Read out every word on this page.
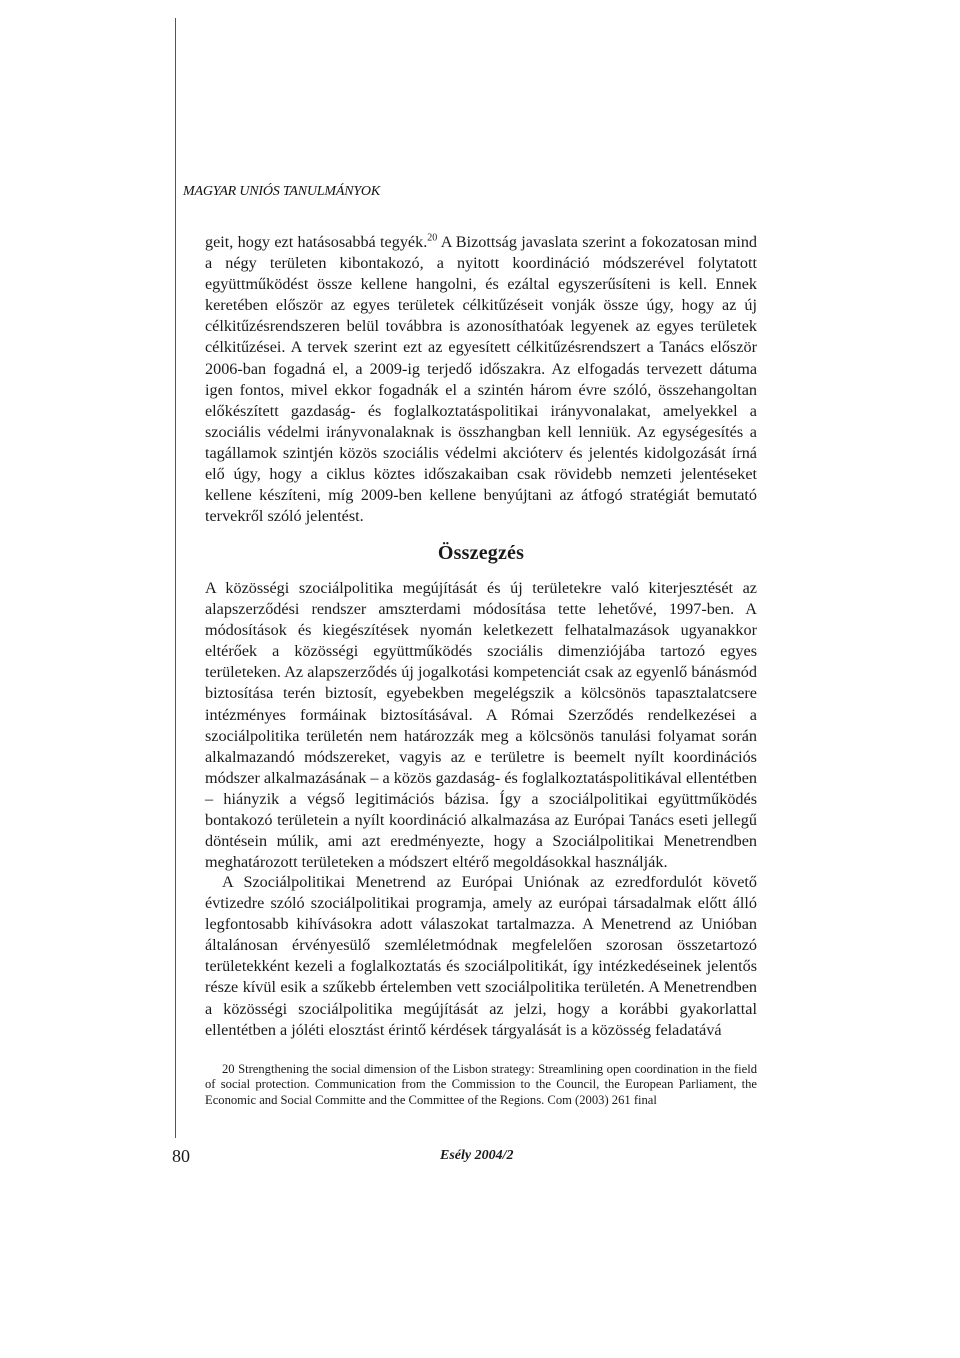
MAGYAR UNIÓS TANULMÁNYOK

geit, hogy ezt hatásosabbá tegyék.$^{20}$ A Bizottság javaslata szerint a fokozatosan mind a négy területen kibontakozó, a nyitott koordináció módszerével folytatott együttműködést össze kellene hangolni, és ezáltal egyszerűsíteni is kell. Ennek keretében először az egyes területek célkitűzéseit vonják össze úgy, hogy az új célkitűzésrendszeren belül továbbra is azonosíthatóak legyenek az egyes területek célkitűzései. A tervek szerint ezt az egyesített célkitűzésrendszert a Tanács először 2006-ban fogadná el, a 2009-ig terjedő időszakra. Az elfogadás tervezett dátuma igen fontos, mivel ekkor fogadnák el a szintén három évre szóló, összehangoltan előkészített gazdaság- és foglalkoztatáspolitikai irányvonalakat, amelyekkel a szociális védelmi irányvonalaknak is összhangban kell lenniük. Az egységesítés a tagállamok szintjén közös szociális védelmi akcióterv és jelentés kidolgozását írná elő úgy, hogy a ciklus köztes időszakaiban csak rövidebb nemzeti jelentéseket kellene készíteni, míg 2009-ben kellene benyújtani az átfogó stratégiát bemutató tervekről szóló jelentést.

Összegzés

A közösségi szociálpolitika megújítását és új területekre való kiterjesztését az alapszerződési rendszer amszterdami módosítása tette lehetővé, 1997-ben. A módosítások és kiegészítések nyomán keletkezett felhatalmazások ugyanakkor eltérőek a közösségi együttműködés szociális dimenziójába tartozó egyes területeken. Az alapszerződés új jogalkotási kompetenciát csak az egyenlő bánásmód biztosítása terén biztosít, egyebekben megelégszik a kölcsönös tapasztalatcsere intézményes formáinak biztosításával. A Római Szerződés rendelkezései a szociálpolitika területén nem határozzák meg a kölcsönös tanulási folyamat során alkalmazandó módszereket, vagyis az e területre is beemelt nyílt koordinációs módszer alkalmazásának – a közös gazdaság- és foglalkoztatáspolitikával ellentétben – hiányzik a végső legitimációs bázisa. Így a szociálpolitikai együttműködés bontakozó területein a nyílt koordináció alkalmazása az Európai Tanács eseti jellegű döntésein múlik, ami azt eredményezte, hogy a Szociálpolitikai Menetrendben meghatározott területeken a módszert eltérő megoldásokkal használják.

A Szociálpolitikai Menetrend az Európai Uniónak az ezredfordulót követő évtizedre szóló szociálpolitikai programja, amely az európai társadalmak előtt álló legfontosabb kihívásokra adott válaszokat tartalmazza. A Menetrend az Unióban általánosan érvényesülő szemléletmódnak megfelelően szorosan összetartozó területekként kezeli a foglalkoztatás és szociálpolitikát, így intézkedéseinek jelentős része kívül esik a szűkebb értelemben vett szociálpolitika területén. A Menetrendben a közösségi szociálpolitika megújítását az jelzi, hogy a korábbi gyakorlattal ellentétben a jóléti elosztást érintő kérdések tárgyalását is a közösség feladatává

20 Strengthening the social dimension of the Lisbon strategy: Streamlining open coordination in the field of social protection. Communication from the Commission to the Council, the European Parliament, the Economic and Social Committe and the Committee of the Regions. Com (2003) 261 final

80	Esély 2004/2
